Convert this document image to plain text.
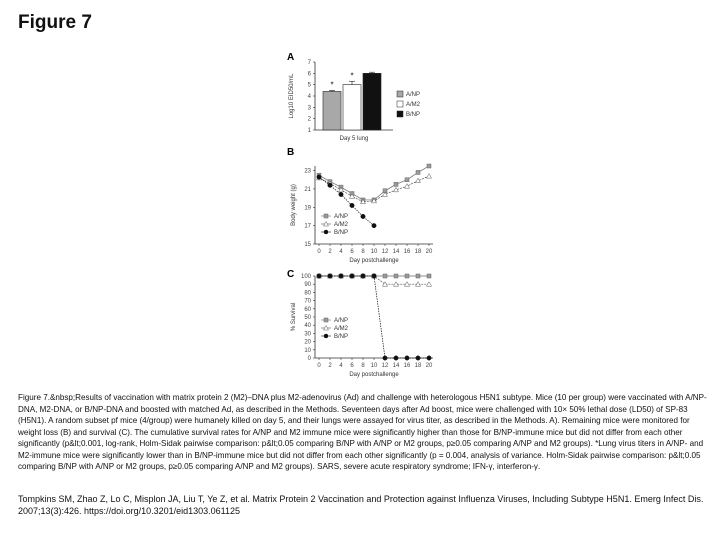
Figure 7
A
B
C
1
2
3
4
5
6
7
*
*
Log10 EID50/mL
Day 5 lung
A/NP
A/M2
B/NP
15
17
19
21
23
0 2 4 6 8 10 12 14 16 18 20
Body weight (g)
Day postchallenge
A/NP
A/M2
B/NP
0
10
20
30
40
50
60
70
80
90
100
0 2 4 6 8 10 12 14 16 18 20
% Survival
Day postchallenge
A/NP
A/M2
B/NP

Figure 7.&nbsp;Results of vaccination with matrix protein 2 (M2)–DNA plus M2-adenovirus (Ad) and challenge with heterologous H5N1 subtype. Mice (10 per group) were vaccinated with A/NP-DNA, M2-DNA, or B/NP-DNA and boosted with matched Ad, as described in the Methods. Seventeen days after Ad boost, mice were challenged with 10× 50% lethal dose (LD50) of SP-83 (H5N1). A random subset pf mice (4/group) were humanely killed on day 5, and their lungs were assayed for virus titer, as described in the Methods. A). Remaining mice were monitored for weight loss (B) and survival (C). The cumulative survival rates for A/NP and M2 immune mice were significantly higher than those for B/NP-immune mice but did not differ from each other significantly (p&lt;0.001, log-rank, Holm-Sidak pairwise comparison: p&lt;0.05 comparing B/NP with A/NP or M2 groups, p≥0.05 comparing A/NP and M2 groups). *Lung virus titers in A/NP- and M2-immune mice were significantly lower than in B/NP-immune mice but did not differ from each other significantly (p = 0.004, analysis of variance. Holm-Sidak pairwise comparison: p&lt;0.05 comparing B/NP with A/NP or M2 groups, p≥0.05 comparing A/NP and M2 groups). SARS, severe acute respiratory syndrome; IFN-γ, interferon-γ.

Tompkins SM, Zhao Z, Lo C, Misplon JA, Liu T, Ye Z, et al. Matrix Protein 2 Vaccination and Protection against Influenza Viruses, Including Subtype H5N1. Emerg Infect Dis. 2007;13(3):426. https://doi.org/10.3201/eid1303.061125
